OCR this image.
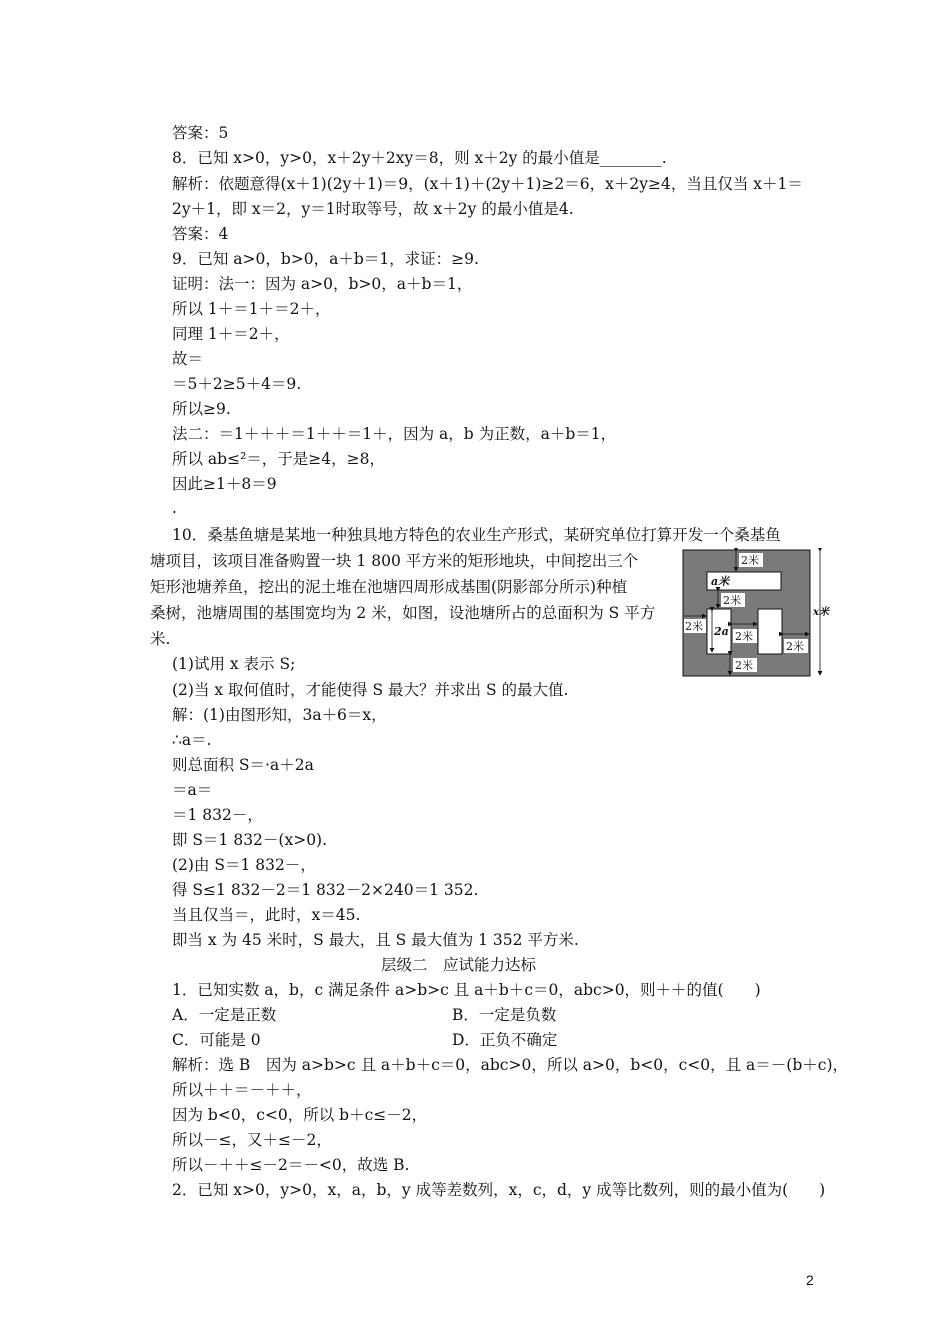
答案：5
8．已知 x>0，y>0，x＋2y＋2xy＝8，则 x＋2y 的最小值是________.
解析：依题意得(x＋1)(2y＋1)＝9，(x＋1)＋(2y＋1)≥2＝6，x＋2y≥4，当且仅当 x＋1＝
2y＋1，即 x＝2，y＝1时取等号，故 x＋2y 的最小值是4.
答案：4
9．已知 a>0，b>0，a＋b＝1，求证：≥9.
证明：法一：因为 a>0，b>0，a＋b＝1，
所以 1＋＝1＋＝2＋，
同理 1＋＝2＋，
故＝
＝5＋2≥5＋4＝9.
所以≥9.
法二：＝1＋＋＋＝1＋＋＝1＋，因为 a，b 为正数，a＋b＝1，
所以 ab≤²＝，于是≥4，≥8，
因此≥1＋8＝9
.
10．桑基鱼塘是某地一种独具地方特色的农业生产形式，某研究单位打算开发一个桑基鱼
塘项目，该项目准备购置一块 1 800 平方米的矩形地块，中间挖出三个
矩形池塘养鱼，挖出的泥土堆在池塘四周形成基围(阴影部分所示)种植
桑树，池塘周围的基围宽均为 2 米，如图，设池塘所占的总面积为 S 平方
米.
(1)试用 x 表示 S;
(2)当 x 取何值时，才能使得 S 最大？并求出 S 的最大值.
解：(1)由图形知，3a＋6＝x，
∴a＝.
则总面积 S＝·a＋2a
＝a＝
＝1 832－，
即 S＝1 832－(x>0).
(2)由 S＝1 832－，
得 S≤1 832－2＝1 832－2×240＝1 352.
当且仅当＝，此时，x＝45.
即当 x 为 45 米时，S 最大，且 S 最大值为 1 352 平方米.
层级二　应试能力达标
1．已知实数 a，b，c 满足条件 a>b>c 且 a＋b＋c＝0，abc>0，则＋＋的值(　　)
A．一定是正数	B．一定是负数
C．可能是 0	D．正负不确定
解析：选 B　因为 a>b>c 且 a＋b＋c＝0，abc>0，所以 a>0，b<0，c<0，且 a＝－(b＋c)，
所以＋＋＝－＋＋，
因为 b<0，c<0，所以 b＋c≤－2，
所以－≤，又＋≤－2，
所以－＋＋≤－2＝－<0，故选 B.
2．已知 x>0，y>0，x，a，b，y 成等差数列，x，c，d，y 成等比数列，则的最小值为(　　)
2米
a米
2米
2a
2米
2米
2米
2米
x米
2
